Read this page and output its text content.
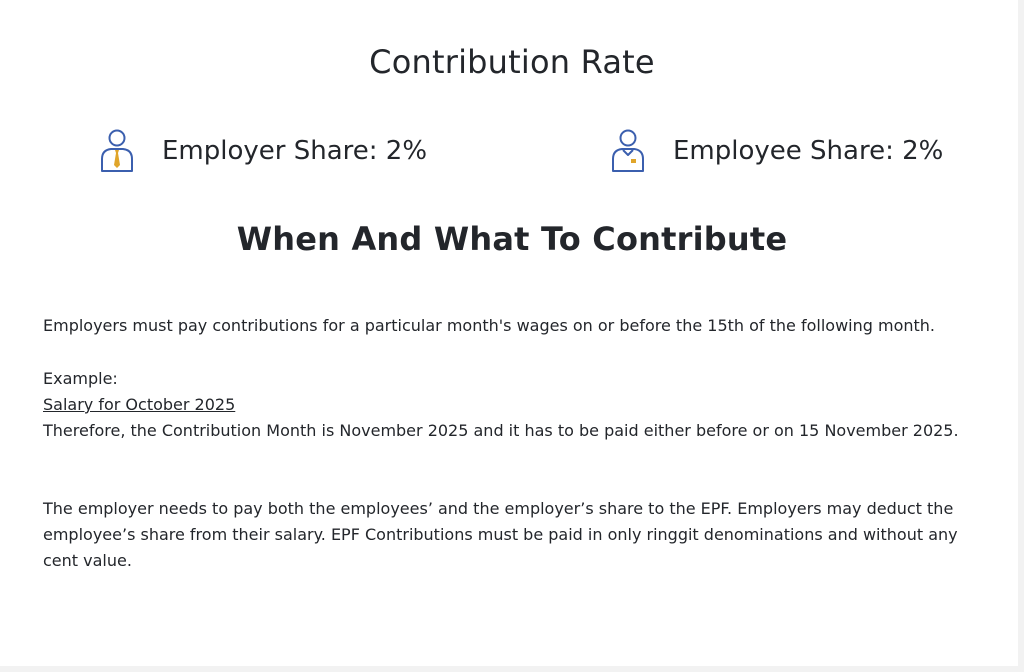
Contribution Rate
Employer Share: 2%	Employee Share: 2%
When And What To Contribute

Employers must pay contributions for a particular month's wages on or before the 15th of the following month.

Example:
Salary for October 2025
Therefore, the Contribution Month is November 2025 and it has to be paid either before or on 15 November 2025.

The employer needs to pay both the employees’ and the employer’s share to the EPF. Employers may deduct the employee’s share from their salary. EPF Contributions must be paid in only ringgit denominations and without any cent value.
